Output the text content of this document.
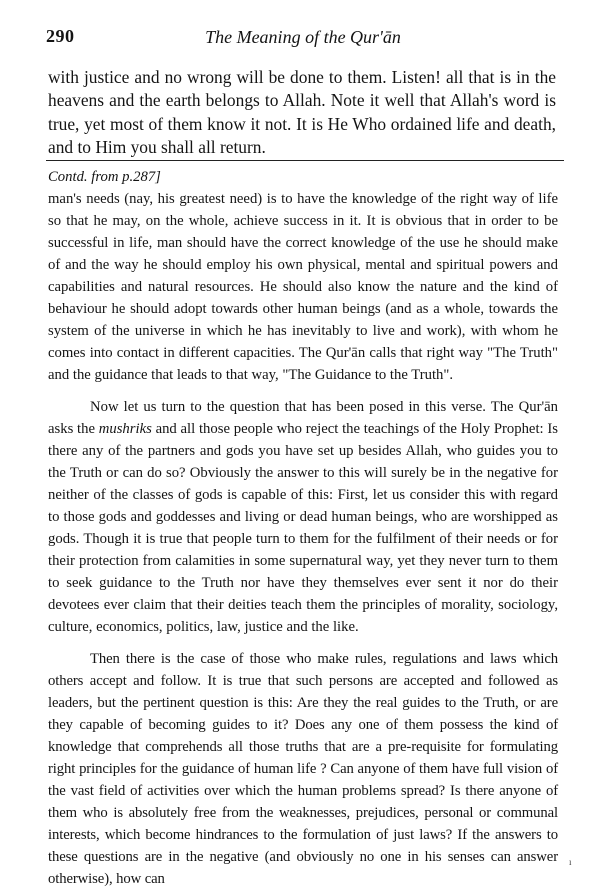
290	The Meaning of the Qur'ān

with justice and no wrong will be done to them. Listen! all that is in the heavens and the earth belongs to Allah. Note it well that Allah's word is true, yet most of them know it not. It is He Who ordained life and death, and to Him you shall all return.

Contd. from p.287]

man's needs (nay, his greatest need) is to have the knowledge of the right way of life so that he may, on the whole, achieve success in it. It is obvious that in order to be successful in life, man should have the correct knowledge of the use he should make of and the way he should employ his own physical, mental and spiritual powers and capabilities and natural resources. He should also know the nature and the kind of behaviour he should adopt towards other human beings (and as a whole, towards the system of the universe in which he has inevitably to live and work), with whom he comes into contact in different capacities. The Qur'ān calls that right way "The Truth" and the guidance that leads to that way, "The Guidance to the Truth".

Now let us turn to the question that has been posed in this verse. The Qur'ān asks the mushriks and all those people who reject the teachings of the Holy Prophet: Is there any of the partners and gods you have set up besides Allah, who guides you to the Truth or can do so? Obviously the answer to this will surely be in the negative for neither of the classes of gods is capable of this: First, let us consider this with regard to those gods and goddesses and living or dead human beings, who are worshipped as gods. Though it is true that people turn to them for the fulfilment of their needs or for their protection from calamities in some supernatural way, yet they never turn to them to seek guidance to the Truth nor have they themselves ever sent it nor do their devotees ever claim that their deities teach them the principles of morality, sociology, culture, economics, politics, law, justice and the like.

Then there is the case of those who make rules, regulations and laws which others accept and follow. It is true that such persons are accepted and followed as leaders, but the pertinent question is this: Are they the real guides to the Truth, or are they capable of becoming guides to it? Does any one of them possess the kind of knowledge that comprehends all those truths that are a pre-requisite for formulating right principles for the guidance of human life ? Can anyone of them have full vision of the vast field of activities over which the human problems spread? Is there anyone of them who is absolutely free from the weaknesses, prejudices, personal or communal interests, which become hindrances to the formulation of just laws? If the answers to these questions are in the negative (and obviously no one in his senses can answer otherwise), how can

ı
